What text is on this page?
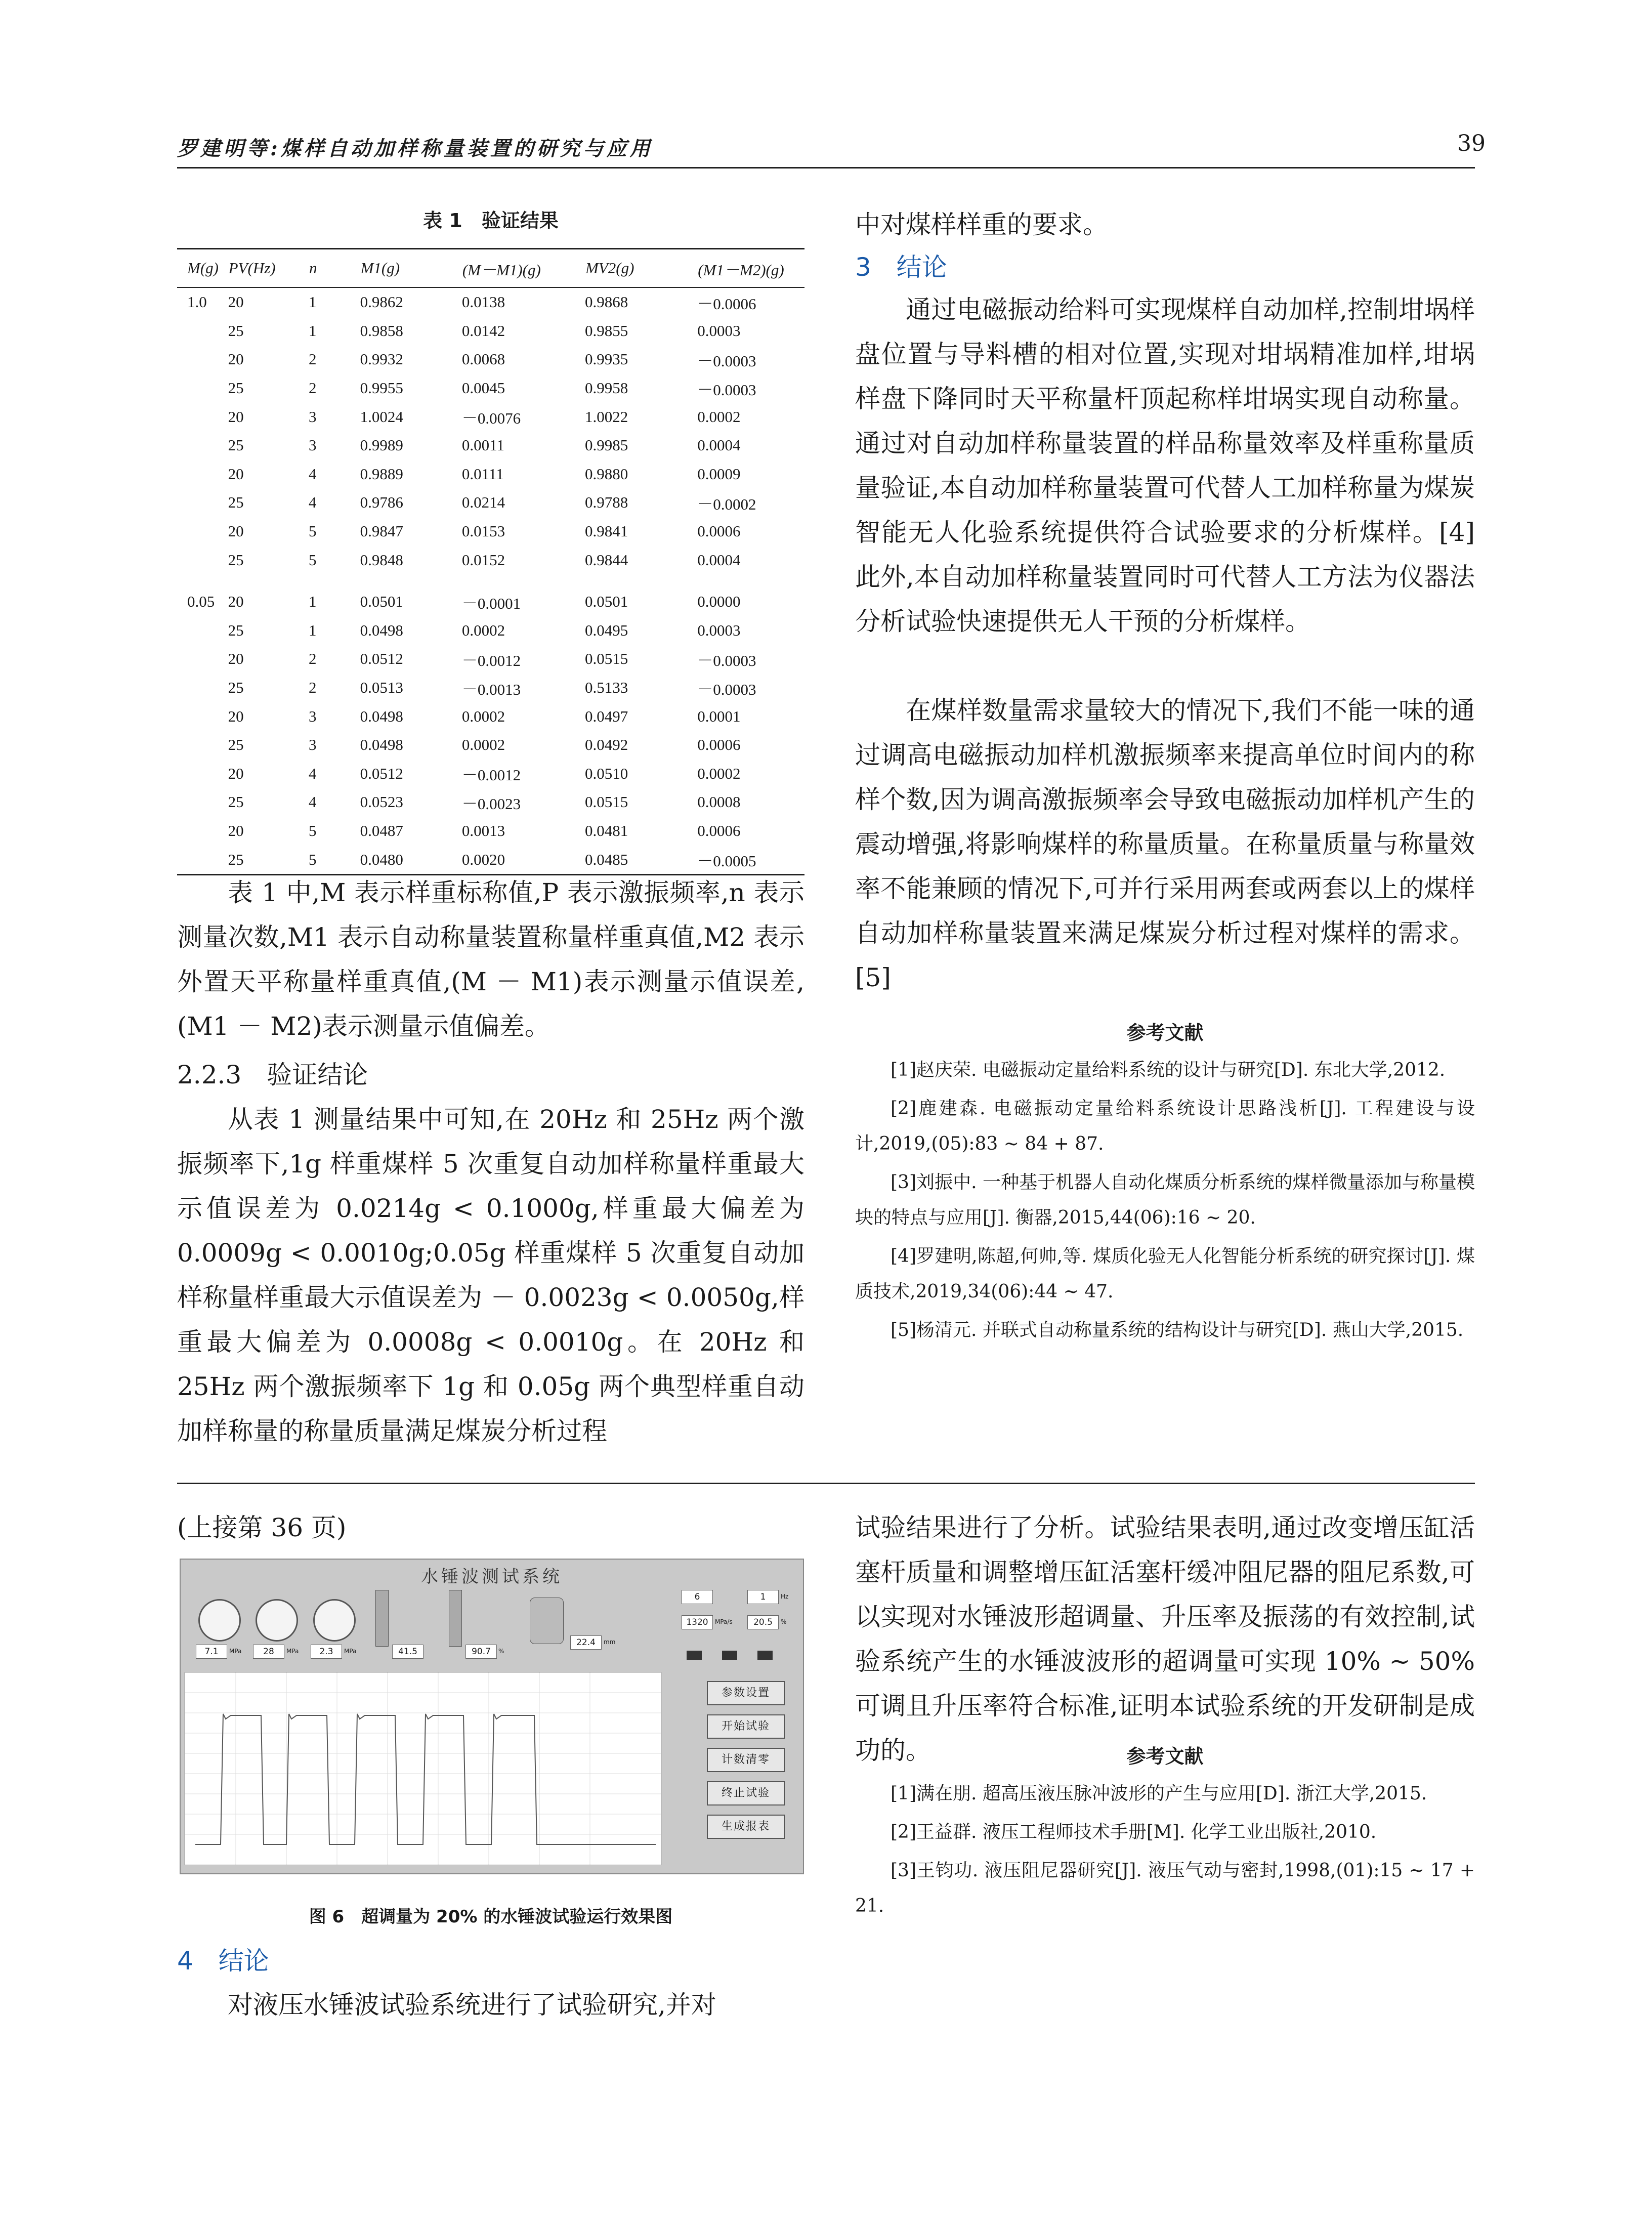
罗建明等:煤样自动加样称量装置的研究与应用	39
表 1　验证结果
M(g)	PV(Hz)	n	M1(g)	(M－M1)(g)	MV2(g)	(M1－M2)(g)
1.0	20	1	0.9862	0.0138	0.9868	－0.0006
	25	1	0.9858	0.0142	0.9855	0.0003
	20	2	0.9932	0.0068	0.9935	－0.0003
	25	2	0.9955	0.0045	0.9958	－0.0003
	20	3	1.0024	－0.0076	1.0022	0.0002
	25	3	0.9989	0.0011	0.9985	0.0004
	20	4	0.9889	0.0111	0.9880	0.0009
	25	4	0.9786	0.0214	0.9788	－0.0002
	20	5	0.9847	0.0153	0.9841	0.0006
	25	5	0.9848	0.0152	0.9844	0.0004
0.05	20	1	0.0501	－0.0001	0.0501	0.0000
	25	1	0.0498	0.0002	0.0495	0.0003
	20	2	0.0512	－0.0012	0.0515	－0.0003
	25	2	0.0513	－0.0013	0.5133	－0.0003
	20	3	0.0498	0.0002	0.0497	0.0001
	25	3	0.0498	0.0002	0.0492	0.0006
	20	4	0.0512	－0.0012	0.0510	0.0002
	25	4	0.0523	－0.0023	0.0515	0.0008
	20	5	0.0487	0.0013	0.0481	0.0006
	25	5	0.0480	0.0020	0.0485	－0.0005
表 1 中,M 表示样重标称值,P 表示激振频率,n 表示测量次数,M1 表示自动称量装置称量样重真值,M2 表示外置天平称量样重真值,(M － M1)表示测量示值误差,(M1 － M2)表示测量示值偏差。
2.2.3　验证结论
从表 1 测量结果中可知,在 20Hz 和 25Hz 两个激振频率下,1g 样重煤样 5 次重复自动加样称量样重最大示值误差为 0.0214g < 0.1000g,样重最大偏差为 0.0009g < 0.0010g;0.05g 样重煤样 5 次重复自动加样称量样重最大示值误差为 － 0.0023g < 0.0050g,样重最大偏差为 0.0008g < 0.0010g。在 20Hz 和 25Hz 两个激振频率下 1g 和 0.05g 两个典型样重自动加样称量的称量质量满足煤炭分析过程
中对煤样样重的要求。
3　结论
通过电磁振动给料可实现煤样自动加样,控制坩埚样盘位置与导料槽的相对位置,实现对坩埚精准加样,坩埚样盘下降同时天平称量杆顶起称样坩埚实现自动称量。通过对自动加样称量装置的样品称量效率及样重称量质量验证,本自动加样称量装置可代替人工加样称量为煤炭智能无人化验系统提供符合试验要求的分析煤样。[4] 此外,本自动加样称量装置同时可代替人工方法为仪器法分析试验快速提供无人干预的分析煤样。
在煤样数量需求量较大的情况下,我们不能一味的通过调高电磁振动加样机激振频率来提高单位时间内的称样个数,因为调高激振频率会导致电磁振动加样机产生的震动增强,将影响煤样的称量质量。在称量质量与称量效率不能兼顾的情况下,可并行采用两套或两套以上的煤样自动加样称量装置来满足煤炭分析过程对煤样的需求。[5]
参考文献

[1]赵庆荣. 电磁振动定量给料系统的设计与研究[D]. 东北大学,2012.

[2]鹿建森. 电磁振动定量给料系统设计思路浅析[J]. 工程建设与设计,2019,(05):83 ~ 84 + 87.

[3]刘振中. 一种基于机器人自动化煤质分析系统的煤样微量添加与称量模块的特点与应用[J]. 衡器,2015,44(06):16 ~ 20.

[4]罗建明,陈超,何帅,等. 煤质化验无人化智能分析系统的研究探讨[J]. 煤质技术,2019,34(06):44 ~ 47.

[5]杨清元. 并联式自动称量系统的结构设计与研究[D]. 燕山大学,2015.

(上接第 36 页)
水锤波测试系统
7.1	MPa	28	MPa	2.3	MPa	41.5	90.7	%
22.4	mm
6	1	Hz
1320	MPa/s	20.5	%
参数设置
开始试验
计数清零
终止试验
生成报表
图 6　超调量为 20% 的水锤波试验运行效果图
4　结论
对液压水锤波试验系统进行了试验研究,并对
试验结果进行了分析。试验结果表明,通过改变增压缸活塞杆质量和调整增压缸活塞杆缓冲阻尼器的阻尼系数,可以实现对水锤波形超调量、升压率及振荡的有效控制,试验系统产生的水锤波波形的超调量可实现 10% ~ 50% 可调且升压率符合标准,证明本试验系统的开发研制是成功的。	参考文献

[1]满在朋. 超高压液压脉冲波形的产生与应用[D]. 浙江大学,2015.

[2]王益群. 液压工程师技术手册[M]. 化学工业出版社,2010.

[3]王钧功. 液压阻尼器研究[J]. 液压气动与密封,1998,(01):15 ~ 17 + 21.
